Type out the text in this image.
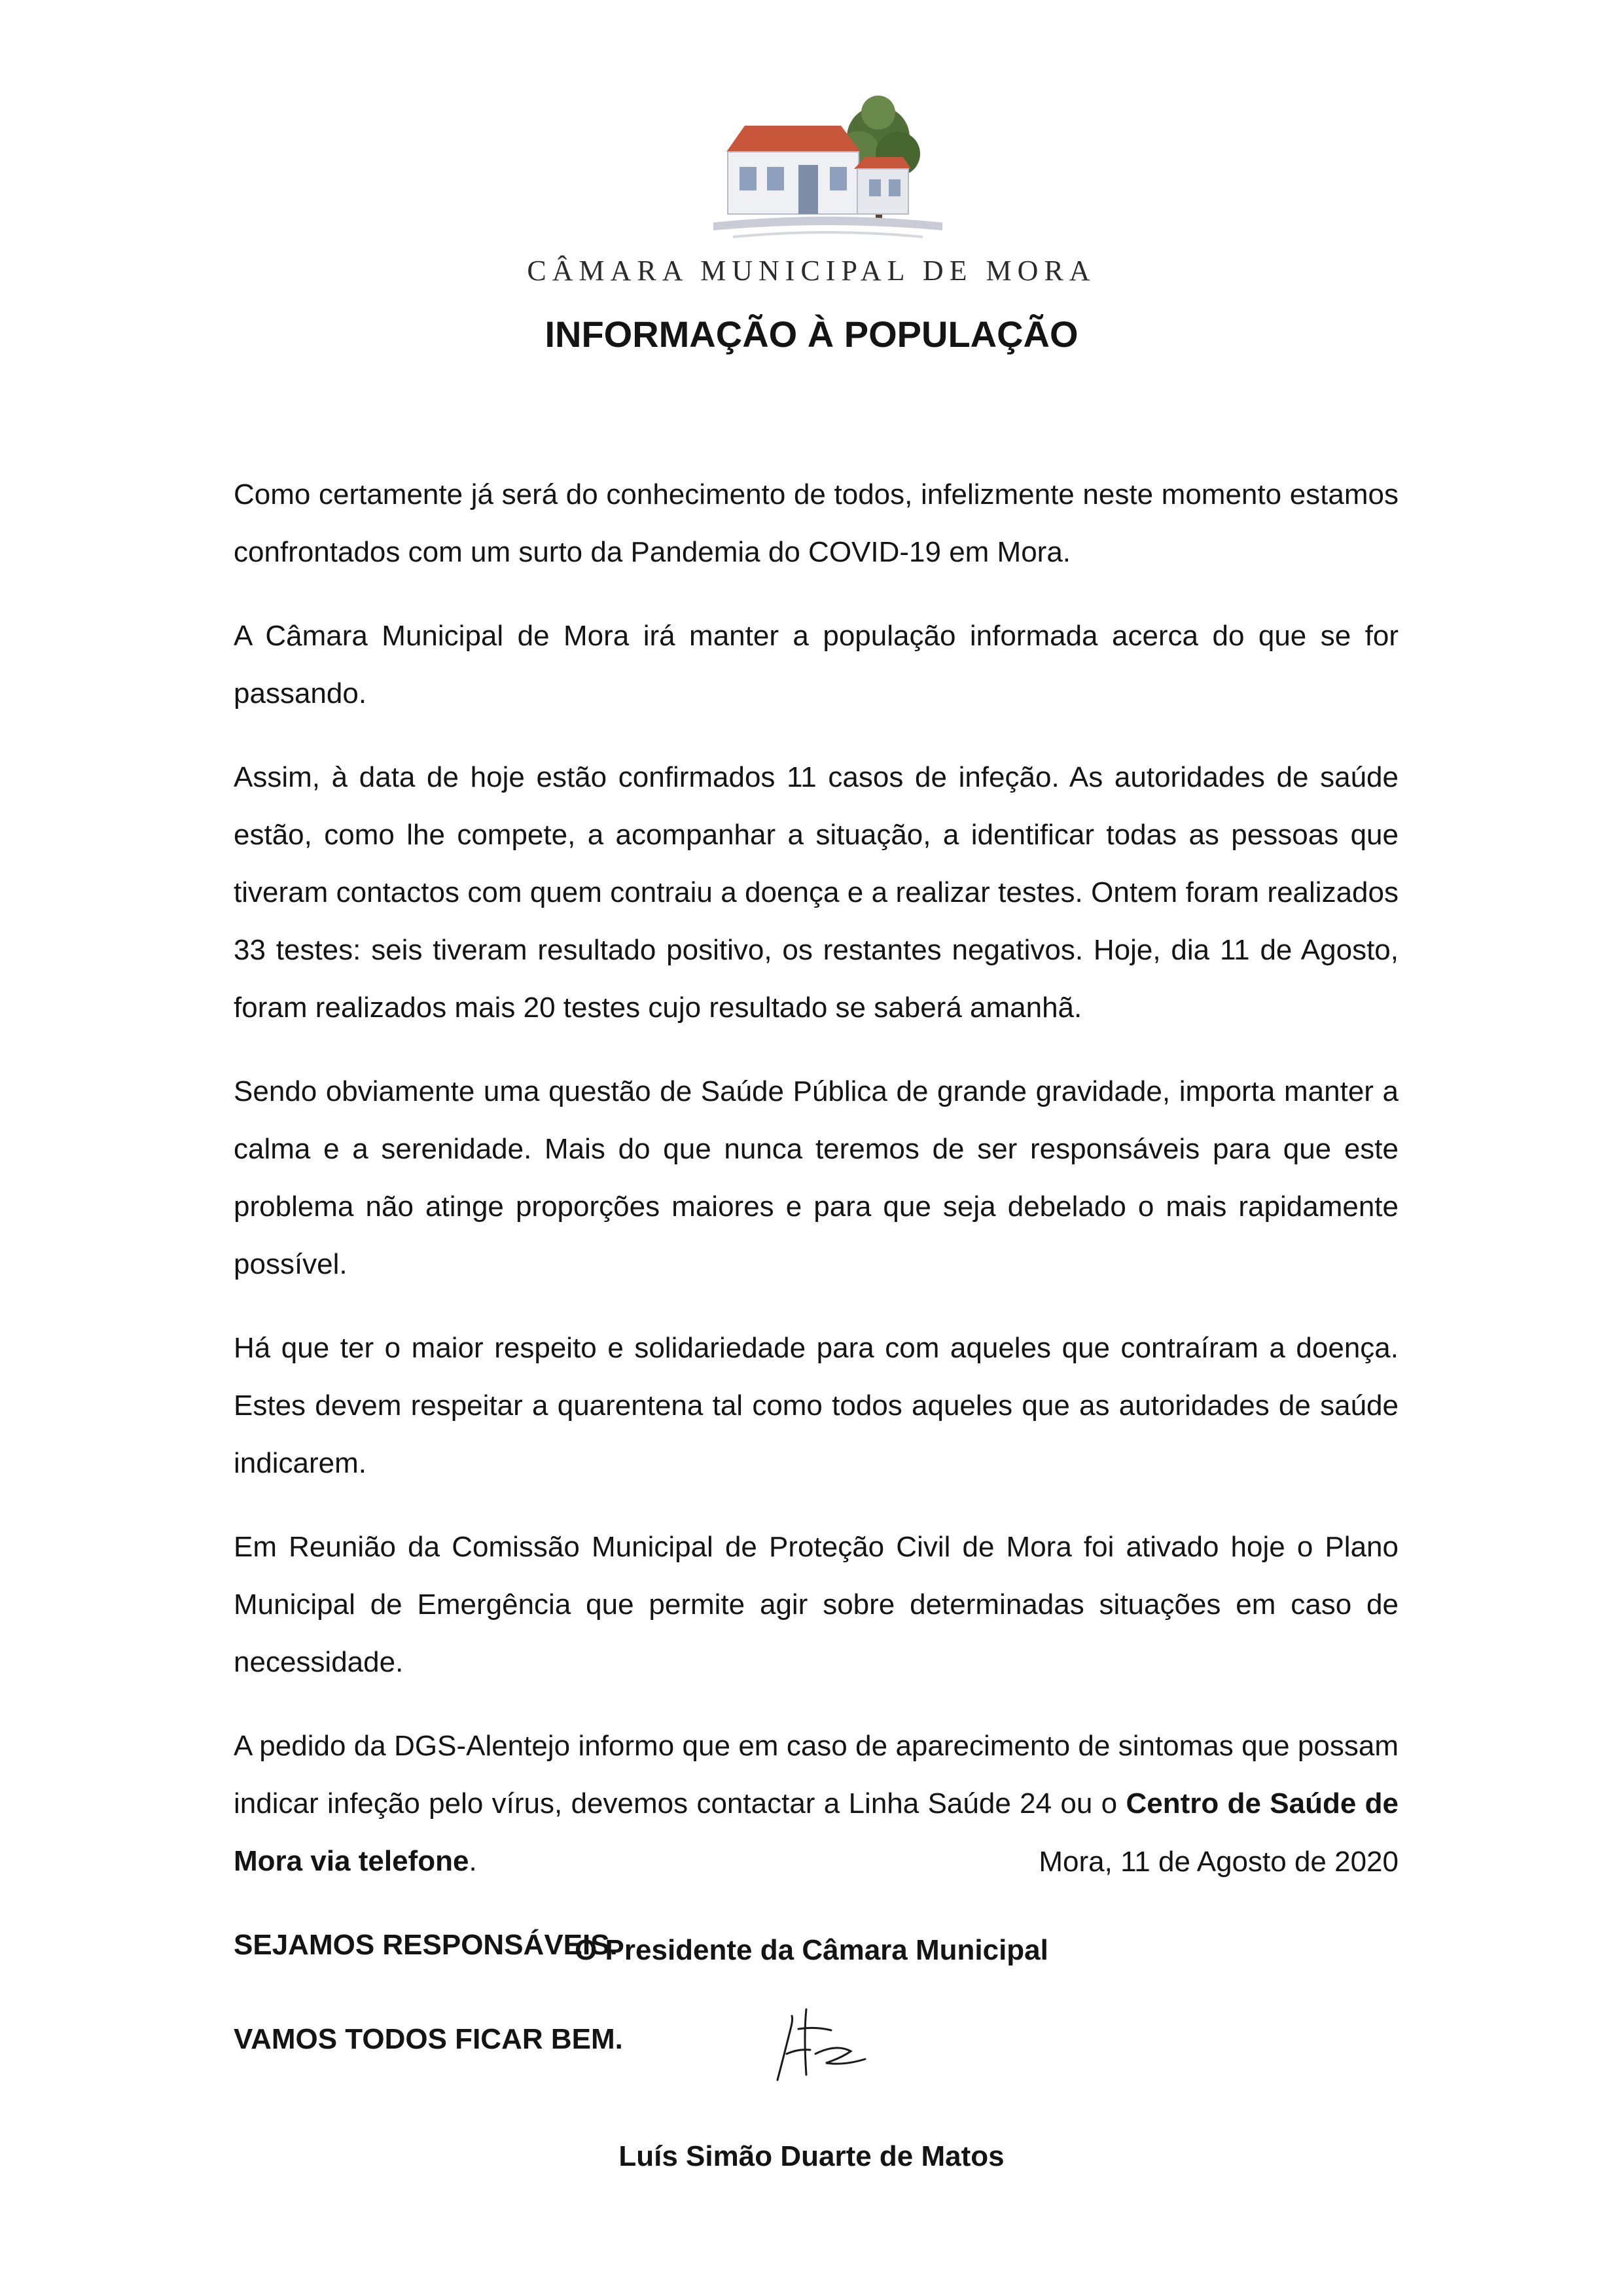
CÂMARA MUNICIPAL DE MORA
INFORMAÇÃO À POPULAÇÃO

Como certamente já será do conhecimento de todos, infelizmente neste momento estamos confrontados com um surto da Pandemia do COVID-19 em Mora.

A Câmara Municipal de Mora irá manter a população informada acerca do que se for passando.

Assim, à data de hoje estão confirmados 11 casos de infeção. As autoridades de saúde estão, como lhe compete, a acompanhar a situação, a identificar todas as pessoas que tiveram contactos com quem contraiu a doença e a realizar testes. Ontem foram realizados 33 testes: seis tiveram resultado positivo, os restantes negativos. Hoje, dia 11 de Agosto, foram realizados mais 20 testes cujo resultado se saberá amanhã.

Sendo obviamente uma questão de Saúde Pública de grande gravidade, importa manter a calma e a serenidade. Mais do que nunca teremos de ser responsáveis para que este problema não atinge proporções maiores e para que seja debelado o mais rapidamente possível.

Há que ter o maior respeito e solidariedade para com aqueles que contraíram a doença. Estes devem respeitar a quarentena tal como todos aqueles que as autoridades de saúde indicarem.

Em Reunião da Comissão Municipal de Proteção Civil de Mora foi ativado hoje o Plano Municipal de Emergência que permite agir sobre determinadas situações em caso de necessidade.

A pedido da DGS-Alentejo informo que em caso de aparecimento de sintomas que possam indicar infeção pelo vírus, devemos contactar a Linha Saúde 24 ou o Centro de Saúde de Mora via telefone.

SEJAMOS RESPONSÁVEIS.

VAMOS TODOS FICAR BEM.

Mora, 11 de Agosto de 2020
O Presidente da Câmara Municipal
Luís Simão Duarte de Matos
